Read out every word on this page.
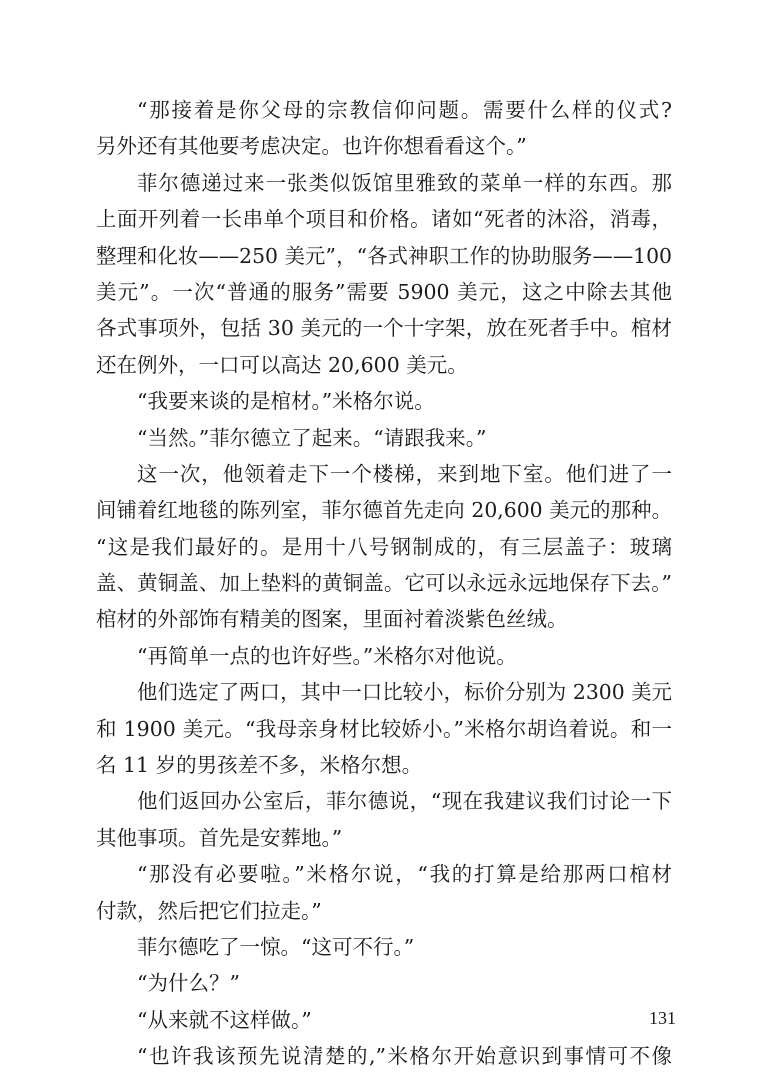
“那接着是你父母的宗教信仰问题。需要什么样的仪式?
另外还有其他要考虑决定。也许你想看看这个。”
菲尔德递过来一张类似饭馆里雅致的菜单一样的东西。那
上面开列着一长串单个项目和价格。诸如“死者的沐浴，消毒，
整理和化妆——250 美元”，“各式神职工作的协助服务——100
美元”。一次“普通的服务”需要 5900 美元，这之中除去其他
各式事项外，包括 30 美元的一个十字架，放在死者手中。棺材
还在例外，一口可以高达 20,600 美元。
“我要来谈的是棺材。”米格尔说。
“当然。”菲尔德立了起来。“请跟我来。”
这一次，他领着走下一个楼梯，来到地下室。他们进了一
间铺着红地毯的陈列室，菲尔德首先走向 20,600 美元的那种。
“这是我们最好的。是用十八号钢制成的，有三层盖子：玻璃
盖、黄铜盖、加上垫料的黄铜盖。它可以永远永远地保存下去。”
棺材的外部饰有精美的图案，里面衬着淡紫色丝绒。
“再简单一点的也许好些。”米格尔对他说。
他们选定了两口，其中一口比较小，标价分别为 2300 美元
和 1900 美元。“我母亲身材比较娇小。”米格尔胡诌着说。和一
名 11 岁的男孩差不多，米格尔想。
他们返回办公室后，菲尔德说，“现在我建议我们讨论一下
其他事项。首先是安葬地。”
“那没有必要啦。”米格尔说，“我的打算是给那两口棺材
付款，然后把它们拉走。”
菲尔德吃了一惊。“这可不行。”
“为什么？”
“从来就不这样做。”
“也许我该预先说清楚的,”米格尔开始意识到事情可不像
131
